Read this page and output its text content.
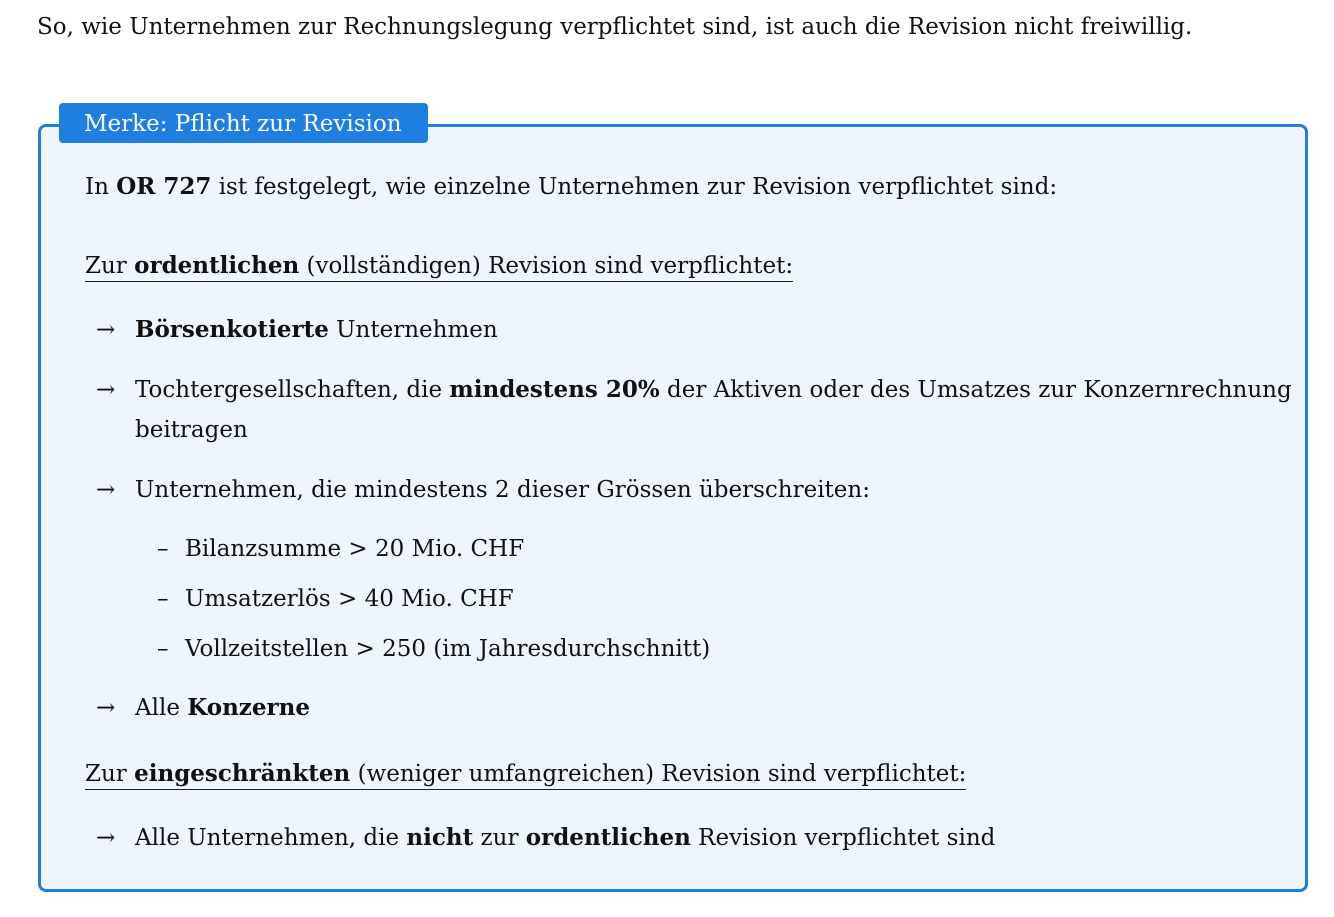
So, wie Unternehmen zur Rechnungslegung verpflichtet sind, ist auch die Revision nicht freiwillig.
Merke: Pflicht zur Revision
In OR 727 ist festgelegt, wie einzelne Unternehmen zur Revision verpflichtet sind:
Zur ordentlichen (vollständigen) Revision sind verpflichtet:
→ Börsenkotierte Unternehmen
→ Tochtergesellschaften, die mindestens 20% der Aktiven oder des Umsatzes zur Konzernrechnung
beitragen
→ Unternehmen, die mindestens 2 dieser Grössen überschreiten:
– Bilanzsumme > 20 Mio. CHF
– Umsatzerlös > 40 Mio. CHF
– Vollzeitstellen > 250 (im Jahresdurchschnitt)
→ Alle Konzerne
Zur eingeschränkten (weniger umfangreichen) Revision sind verpflichtet:
→ Alle Unternehmen, die nicht zur ordentlichen Revision verpflichtet sind
